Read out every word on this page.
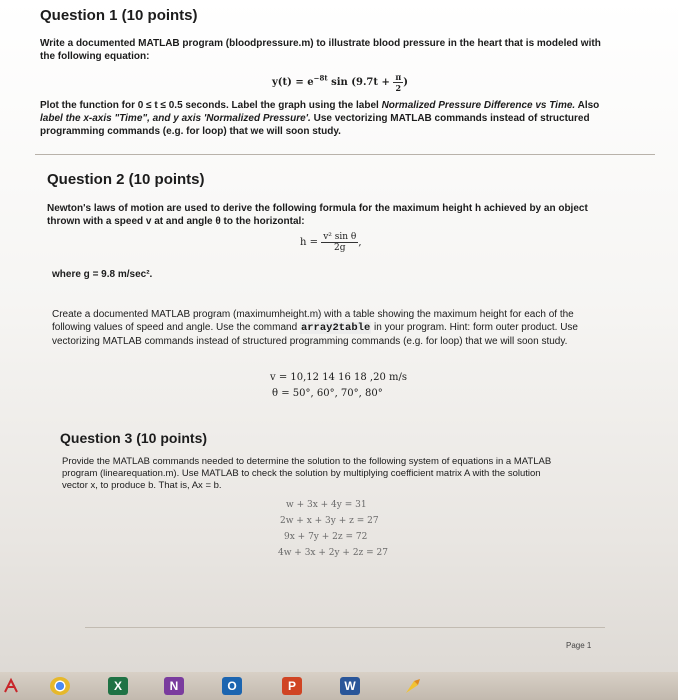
Question 1 (10 points)
Write a documented MATLAB program (bloodpressure.m) to illustrate blood pressure in the heart that is modeled with
the following equation:
$y(t) = e^{-8t}$ $\sin (9.7t + \frac{\pi}{2}$ )
Plot the function for 0 ≤ t ≤ 0.5 seconds. Label the graph using the label Normalized Pressure Difference vs Time. Also
label the x-axis "Time", and y axis 'Normalized Pressure'. Use vectorizing MATLAB commands instead of structured
programming commands (e.g. for loop) that we will soon study.
Question 2 (10 points)
Newton's laws of motion are used to derive the following formula for the maximum height h achieved by an object
thrown with a speed v at and angle θ to the horizontal:
$h = \frac{\text{v² sin θ}}{2g}$ ,
where g = 9.8 m/sec².
Create a documented MATLAB program (maximumheight.m) with a table showing the maximum height for each of the
following values of speed and angle. Use the command array2table in your program. Hint: form outer product. Use
vectorizing MATLAB commands instead of structured programming commands (e.g. for loop) that we will soon study.
v = 10,12 14 16 18 ,20 m/s
θ = 50°, 60°, 70°, 80°
Question 3 (10 points)
Provide the MATLAB commands needed to determine the solution to the following system of equations in a MATLAB
program (linearequation.m). Use MATLAB to check the solution by multiplying coefficient matrix A with the solution
vector x, to produce b. That is, Ax = b.
w + 3x + 4y = 31
2w + x + 3y + z = 27
9x + 7y + 2z = 72
4w + 3x + 2y + 2z = 27
Page 1
X	N	O	P	W
